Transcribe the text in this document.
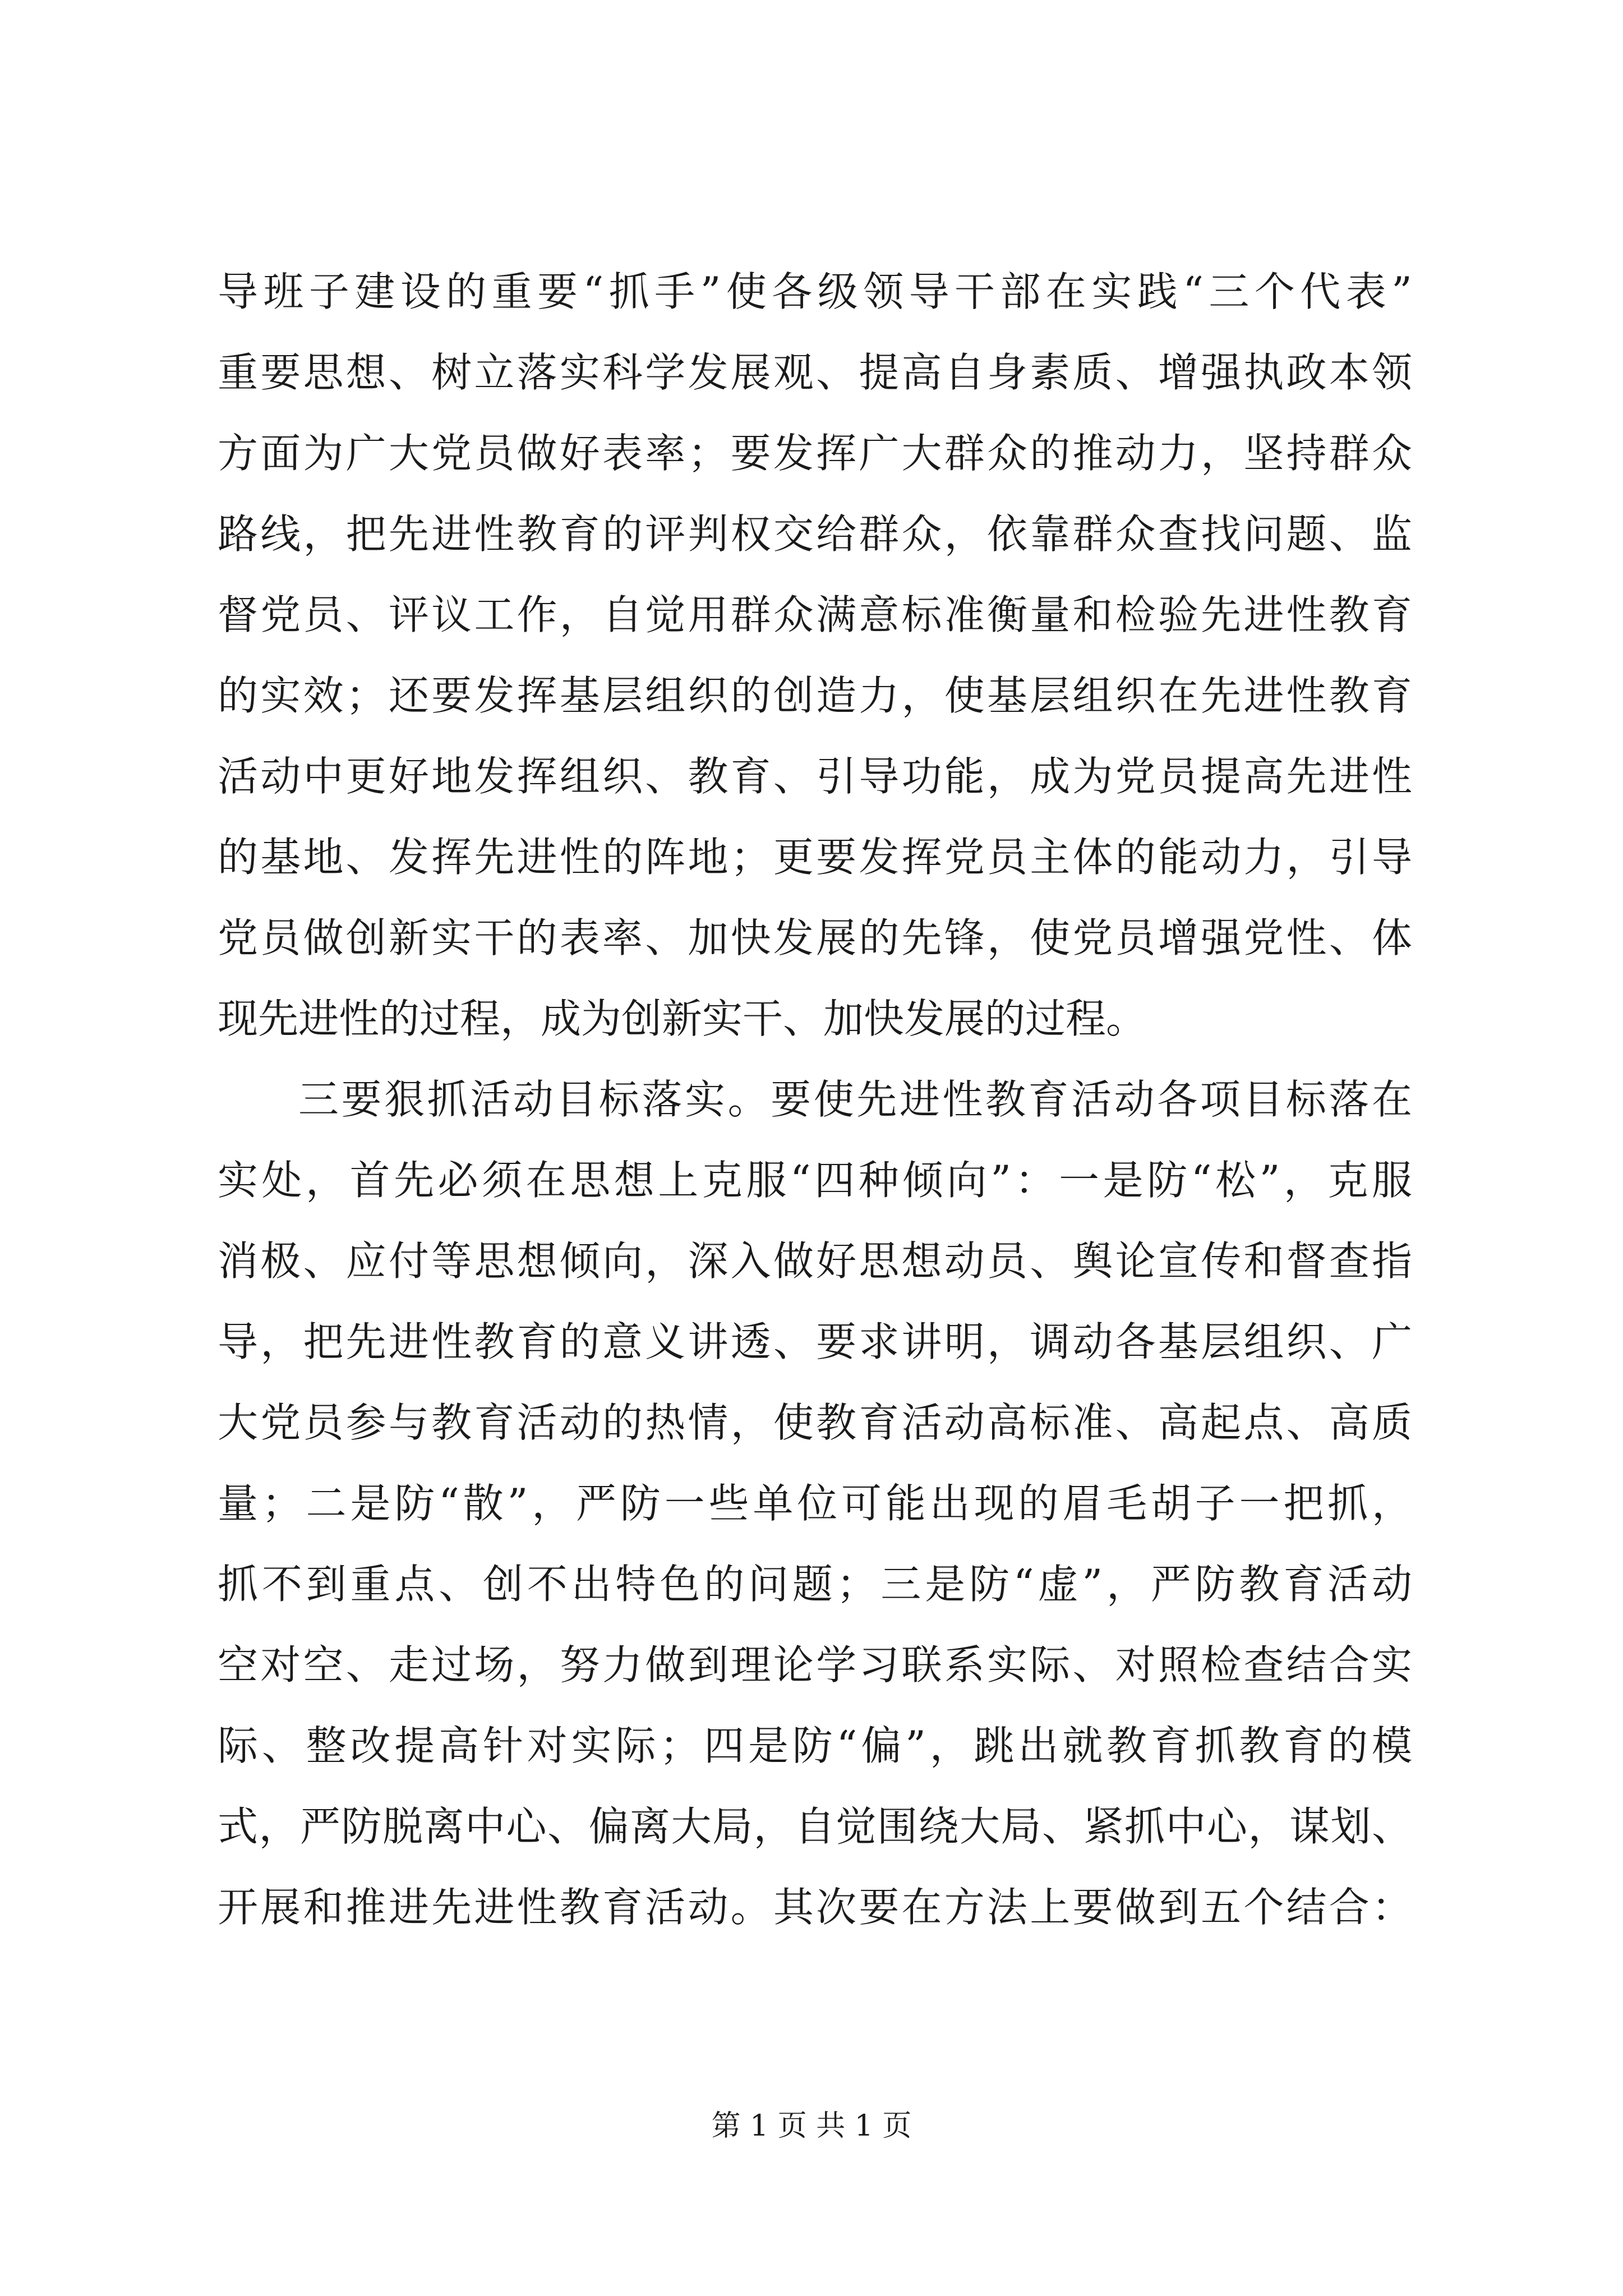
导班子建设的重要“抓手”使各级领导干部在实践“三个代表”
重要思想、树立落实科学发展观、提高自身素质、增强执政本领
方面为广大党员做好表率；要发挥广大群众的推动力，坚持群众
路线，把先进性教育的评判权交给群众，依靠群众查找问题、监
督党员、评议工作，自觉用群众满意标准衡量和检验先进性教育
的实效；还要发挥基层组织的创造力，使基层组织在先进性教育
活动中更好地发挥组织、教育、引导功能，成为党员提高先进性
的基地、发挥先进性的阵地；更要发挥党员主体的能动力，引导
党员做创新实干的表率、加快发展的先锋，使党员增强党性、体
现先进性的过程，成为创新实干、加快发展的过程。
三要狠抓活动目标落实。要使先进性教育活动各项目标落在
实处，首先必须在思想上克服“四种倾向”：一是防“松”，克服
消极、应付等思想倾向，深入做好思想动员、舆论宣传和督查指
导，把先进性教育的意义讲透、要求讲明，调动各基层组织、广
大党员参与教育活动的热情，使教育活动高标准、高起点、高质
量；二是防“散”，严防一些单位可能出现的眉毛胡子一把抓，
抓不到重点、创不出特色的问题；三是防“虚”，严防教育活动
空对空、走过场，努力做到理论学习联系实际、对照检查结合实
际、整改提高针对实际；四是防“偏”，跳出就教育抓教育的模
式，严防脱离中心、偏离大局，自觉围绕大局、紧抓中心，谋划、
开展和推进先进性教育活动。其次要在方法上要做到五个结合：
第 1 页 共 1 页
